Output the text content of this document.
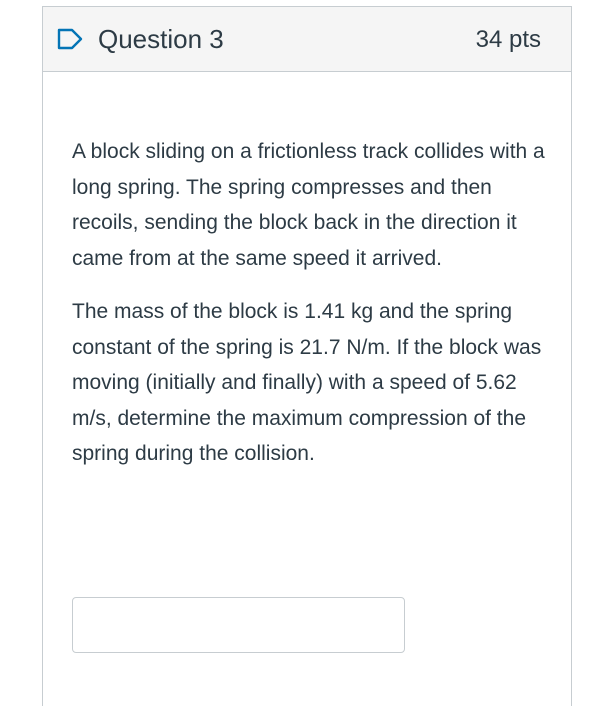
Question 3	34 pts

A block sliding on a frictionless track collides with a long spring. The spring compresses and then recoils, sending the block back in the direction it came from at the same speed it arrived.

The mass of the block is 1.41 kg and the spring constant of the spring is 21.7 N/m. If the block was moving (initially and finally) with a speed of 5.62 m/s, determine the maximum compression of the spring during the collision.
